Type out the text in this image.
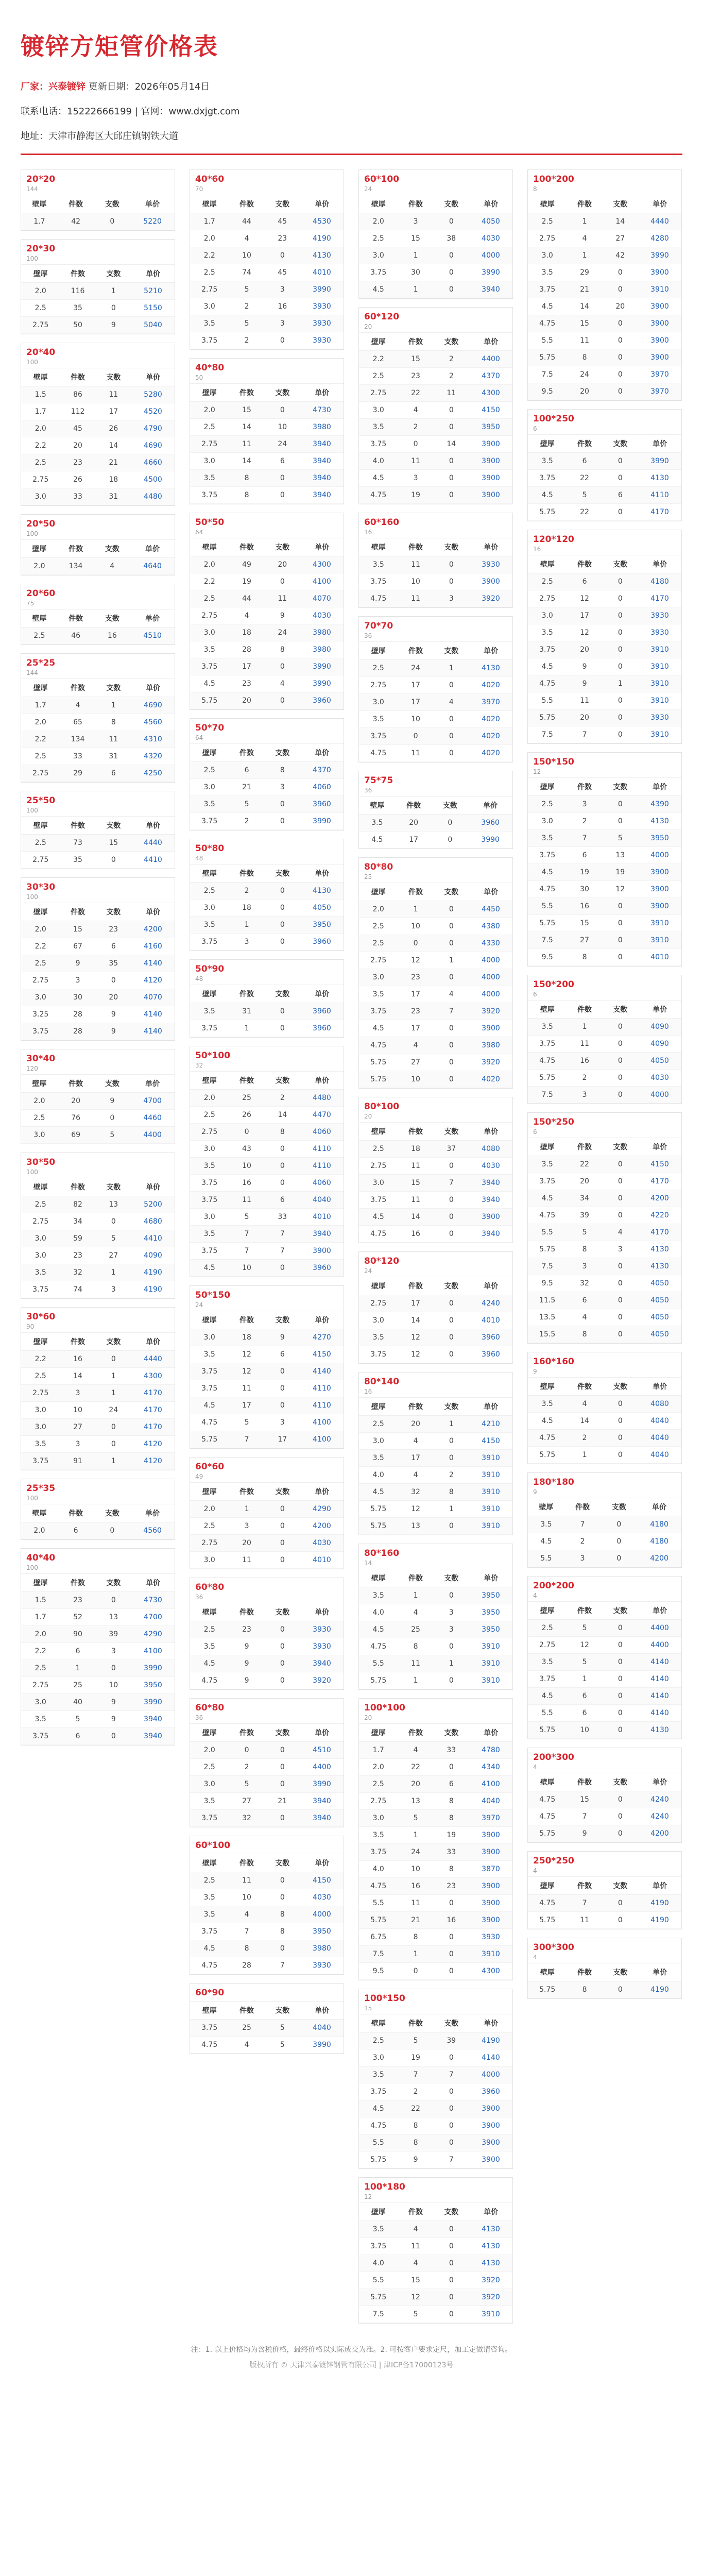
镀锌方矩管价格表
厂家：兴泰镀锌 更新日期：2026年05月14日
联系电话：15222666199 | 官网：www.dxjgt.com
地址：天津市静海区大邱庄镇钢铁大道
20*20
144
壁厚	件数	支数	单价
1.7	42	0	5220
20*30
100
壁厚	件数	支数	单价
2.0	116	1	5210
2.5	35	0	5150
2.75	50	9	5040
20*40
100
壁厚	件数	支数	单价
1.5	86	11	5280
1.7	112	17	4520
2.0	45	26	4790
2.2	20	14	4690
2.5	23	21	4660
2.75	26	18	4500
3.0	33	31	4480
20*50
100
壁厚	件数	支数	单价
2.0	134	4	4640
20*60
75
壁厚	件数	支数	单价
2.5	46	16	4510
25*25
144
壁厚	件数	支数	单价
1.7	4	1	4690
2.0	65	8	4560
2.2	134	11	4310
2.5	33	31	4320
2.75	29	6	4250
25*50
100
壁厚	件数	支数	单价
2.5	73	15	4440
2.75	35	0	4410
30*30
100
壁厚	件数	支数	单价
2.0	15	23	4200
2.2	67	6	4160
2.5	9	35	4140
2.75	3	0	4120
3.0	30	20	4070
3.25	28	9	4140
3.75	28	9	4140
30*40
120
壁厚	件数	支数	单价
2.0	20	9	4700
2.5	76	0	4460
3.0	69	5	4400
30*50
100
壁厚	件数	支数	单价
2.5	82	13	5200
2.75	34	0	4680
3.0	59	5	4410
3.0	23	27	4090
3.5	32	1	4190
3.75	74	3	4190
30*60
90
壁厚	件数	支数	单价
2.2	16	0	4440
2.5	14	1	4300
2.75	3	1	4170
3.0	10	24	4170
3.0	27	0	4170
3.5	3	0	4120
3.75	91	1	4120
25*35
100
壁厚	件数	支数	单价
2.0	6	0	4560
40*40
100
壁厚	件数	支数	单价
1.5	23	0	4730
1.7	52	13	4700
2.0	90	39	4290
2.2	6	3	4100
2.5	1	0	3990
2.75	25	10	3950
3.0	40	9	3990
3.5	5	9	3940
3.75	6	0	3940
40*60
70
壁厚	件数	支数	单价
1.7	44	45	4530
2.0	4	23	4190
2.2	10	0	4130
2.5	74	45	4010
2.75	5	3	3990
3.0	2	16	3930
3.5	5	3	3930
3.75	2	0	3930
40*80
50
壁厚	件数	支数	单价
2.0	15	0	4730
2.5	14	10	3980
2.75	11	24	3940
3.0	14	6	3940
3.5	8	0	3940
3.75	8	0	3940
50*50
64
壁厚	件数	支数	单价
2.0	49	20	4300
2.2	19	0	4100
2.5	44	11	4070
2.75	4	9	4030
3.0	18	24	3980
3.5	28	8	3980
3.75	17	0	3990
4.5	23	4	3990
5.75	20	0	3960
50*70
64
壁厚	件数	支数	单价
2.5	6	8	4370
3.0	21	3	4060
3.5	5	0	3960
3.75	2	0	3990
50*80
48
壁厚	件数	支数	单价
2.5	2	0	4130
3.0	18	0	4050
3.5	1	0	3950
3.75	3	0	3960
50*90
48
壁厚	件数	支数	单价
3.5	31	0	3960
3.75	1	0	3960
50*100
32
壁厚	件数	支数	单价
2.0	25	2	4480
2.5	26	14	4470
2.75	0	8	4060
3.0	43	0	4110
3.5	10	0	4110
3.75	16	0	4060
3.75	11	6	4040
3.0	5	33	4010
3.5	7	7	3940
3.75	7	7	3900
4.5	10	0	3960
50*150
24
壁厚	件数	支数	单价
3.0	18	9	4270
3.5	12	6	4150
3.75	12	0	4140
3.75	11	0	4110
4.5	17	0	4110
4.75	5	3	4100
5.75	7	17	4100
60*60
49
壁厚	件数	支数	单价
2.0	1	0	4290
2.5	3	0	4200
2.75	20	0	4030
3.0	11	0	4010
60*80
36
壁厚	件数	支数	单价
2.5	23	0	3930
3.5	9	0	3930
4.5	9	0	3940
4.75	9	0	3920
60*80
36
壁厚	件数	支数	单价
2.0	0	0	4510
2.5	2	0	4400
3.0	5	0	3990
3.5	27	21	3940
3.75	32	0	3940
60*100
壁厚	件数	支数	单价
2.5	11	0	4150
3.5	10	0	4030
3.5	4	8	4000
3.75	7	8	3950
4.5	8	0	3980
4.75	28	7	3930
60*90
壁厚	件数	支数	单价
3.75	25	5	4040
4.75	4	5	3990
60*100
24
壁厚	件数	支数	单价
2.0	3	0	4050
2.5	15	38	4030
3.0	1	0	4000
3.75	30	0	3990
4.5	1	0	3940
60*120
20
壁厚	件数	支数	单价
2.2	15	2	4400
2.5	23	2	4370
2.75	22	11	4300
3.0	4	0	4150
3.5	2	0	3950
3.75	0	14	3900
4.0	11	0	3900
4.5	3	0	3900
4.75	19	0	3900
60*160
16
壁厚	件数	支数	单价
3.5	11	0	3930
3.75	10	0	3900
4.75	11	3	3920
70*70
36
壁厚	件数	支数	单价
2.5	24	1	4130
2.75	17	0	4020
3.0	17	4	3970
3.5	10	0	4020
3.75	0	0	4020
4.75	11	0	4020
75*75
36
壁厚	件数	支数	单价
3.5	20	0	3960
4.5	17	0	3990
80*80
25
壁厚	件数	支数	单价
2.0	1	0	4450
2.5	10	0	4380
2.5	0	0	4330
2.75	12	1	4000
3.0	23	0	4000
3.5	17	4	4000
3.75	23	7	3920
4.5	17	0	3900
4.75	4	0	3980
5.75	27	0	3920
5.75	10	0	4020
80*100
20
壁厚	件数	支数	单价
2.5	18	37	4080
2.75	11	0	4030
3.0	15	7	3940
3.75	11	0	3940
4.5	14	0	3900
4.75	16	0	3940
80*120
24
壁厚	件数	支数	单价
2.75	17	0	4240
3.0	14	0	4010
3.5	12	0	3960
3.75	12	0	3960
80*140
16
壁厚	件数	支数	单价
2.5	20	1	4210
3.0	4	0	4150
3.5	17	0	3910
4.0	4	2	3910
4.5	32	8	3910
5.75	12	1	3910
5.75	13	0	3910
80*160
14
壁厚	件数	支数	单价
3.5	1	0	3950
4.0	4	3	3950
4.5	25	3	3950
4.75	8	0	3910
5.5	11	1	3910
5.75	1	0	3910
100*100
20
壁厚	件数	支数	单价
1.7	4	33	4780
2.0	22	0	4340
2.5	20	6	4100
2.75	13	8	4040
3.0	5	8	3970
3.5	1	19	3900
3.75	24	33	3900
4.0	10	8	3870
4.75	16	23	3900
5.5	11	0	3900
5.75	21	16	3900
6.75	8	0	3930
7.5	1	0	3910
9.5	0	0	4300
100*150
15
壁厚	件数	支数	单价
2.5	5	39	4190
3.0	19	0	4140
3.5	7	7	4000
3.75	2	0	3960
4.5	22	0	3900
4.75	8	0	3900
5.5	8	0	3900
5.75	9	7	3900
100*180
12
壁厚	件数	支数	单价
3.5	4	0	4130
3.75	11	0	4130
4.0	4	0	4130
5.5	15	0	3920
5.75	12	0	3920
7.5	5	0	3910
100*200
8
壁厚	件数	支数	单价
2.5	1	14	4440
2.75	4	27	4280
3.0	1	42	3990
3.5	29	0	3900
3.75	21	0	3910
4.5	14	20	3900
4.75	15	0	3900
5.5	11	0	3900
5.75	8	0	3900
7.5	24	0	3970
9.5	20	0	3970
100*250
6
壁厚	件数	支数	单价
3.5	6	0	3990
3.75	22	0	4130
4.5	5	6	4110
5.75	22	0	4170
120*120
16
壁厚	件数	支数	单价
2.5	6	0	4180
2.75	12	0	4170
3.0	17	0	3930
3.5	12	0	3930
3.75	20	0	3910
4.5	9	0	3910
4.75	9	1	3910
5.5	11	0	3910
5.75	20	0	3930
7.5	7	0	3910
150*150
12
壁厚	件数	支数	单价
2.5	3	0	4390
3.0	2	0	4130
3.5	7	5	3950
3.75	6	13	4000
4.5	19	19	3900
4.75	30	12	3900
5.5	16	0	3900
5.75	15	0	3910
7.5	27	0	3910
9.5	8	0	4010
150*200
6
壁厚	件数	支数	单价
3.5	1	0	4090
3.75	11	0	4090
4.75	16	0	4050
5.75	2	0	4030
7.5	3	0	4000
150*250
6
壁厚	件数	支数	单价
3.5	22	0	4150
3.75	20	0	4170
4.5	34	0	4200
4.75	39	0	4220
5.5	5	4	4170
5.75	8	3	4130
7.5	3	0	4130
9.5	32	0	4050
11.5	6	0	4050
13.5	4	0	4050
15.5	8	0	4050
160*160
9
壁厚	件数	支数	单价
3.5	4	0	4080
4.5	14	0	4040
4.75	2	0	4040
5.75	1	0	4040
180*180
9
壁厚	件数	支数	单价
3.5	7	0	4180
4.5	2	0	4180
5.5	3	0	4200
200*200
4
壁厚	件数	支数	单价
2.5	5	0	4400
2.75	12	0	4400
3.5	5	0	4140
3.75	1	0	4140
4.5	6	0	4140
5.5	6	0	4140
5.75	10	0	4130
200*300
4
壁厚	件数	支数	单价
4.75	15	0	4240
4.75	7	0	4240
5.75	9	0	4200
250*250
4
壁厚	件数	支数	单价
4.75	7	0	4190
5.75	11	0	4190
300*300
4
壁厚	件数	支数	单价
5.75	8	0	4190
注：1. 以上价格均为含税价格，最终价格以实际成交为准。2. 可按客户要求定尺，加工定做请咨询。
版权所有 © 天津兴泰镀锌钢管有限公司 | 津ICP备17000123号
